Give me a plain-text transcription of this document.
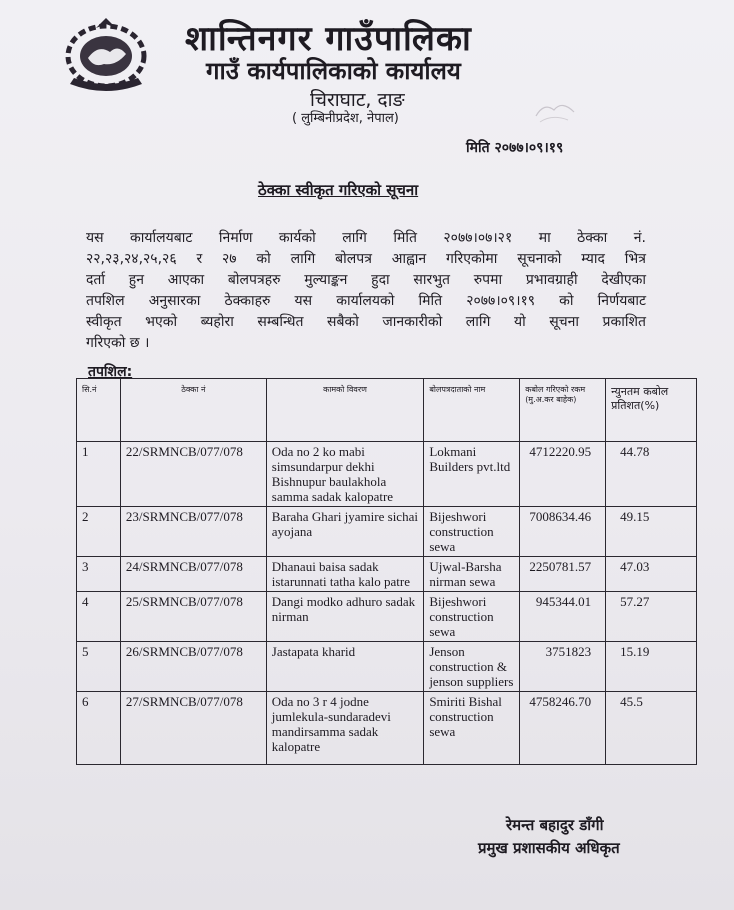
शान्तिनगर गाउँपालिका
गाउँ कार्यपालिकाको कार्यालय
चिराघाट, दाङ
( लुम्बिनीप्रदेश, नेपाल)
मिति २०७७।०९।१९
ठेक्का स्वीकृत गरिएको सूचना
यस कार्यालयबाट निर्माण कार्यको लागि मिति २०७७।०७।२१ मा ठेक्का नं.
२२,२३,२४,२५,२६ र २७ को लागि बोलपत्र आह्वान गरिएकोमा सूचनाको म्याद भित्र
दर्ता हुन आएका बोलपत्रहरु मुल्याङ्कन हुदा सारभुत रुपमा प्रभावग्राही देखीएका
तपशिल अनुसारका ठेक्काहरु यस कार्यालयको मिति २०७७।०९।१९ को निर्णयबाट
स्वीकृत भएको ब्यहोरा सम्बन्धित सबैको जानकारीको लागि यो सूचना प्रकाशित
गरिएको छ ।
तपशिल:
सि.नं	ठेक्का नं	कामको विवरण	बोलपत्रदाताको नाम	कबोल गरिएको रकम (मु.अ.कर बाहेक)	न्युनतम कबोल प्रतिशत(%)
1	22/SRMNCB/077/078	Oda no 2 ko mabi simsundarpur dekhi Bishnupur baulakhola samma sadak kalopatre	Lokmani Builders pvt.ltd	4712220.95	44.78
2	23/SRMNCB/077/078	Baraha Ghari jyamire sichai ayojana	Bijeshwori construction sewa	7008634.46	49.15
3	24/SRMNCB/077/078	Dhanaui baisa sadak istarunnati tatha kalo patre	Ujwal-Barsha nirman sewa	2250781.57	47.03
4	25/SRMNCB/077/078	Dangi modko adhuro sadak nirman	Bijeshwori construction sewa	945344.01	57.27
5	26/SRMNCB/077/078	Jastapata kharid	Jenson construction & jenson suppliers	3751823	15.19
6	27/SRMNCB/077/078	Oda no 3 r 4 jodne jumlekula-sundaradevi mandirsamma sadak kalopatre	Smiriti Bishal construction sewa	4758246.70	45.5
रेमन्त बहादुर डाँगी
प्रमुख प्रशासकीय अधिकृत
